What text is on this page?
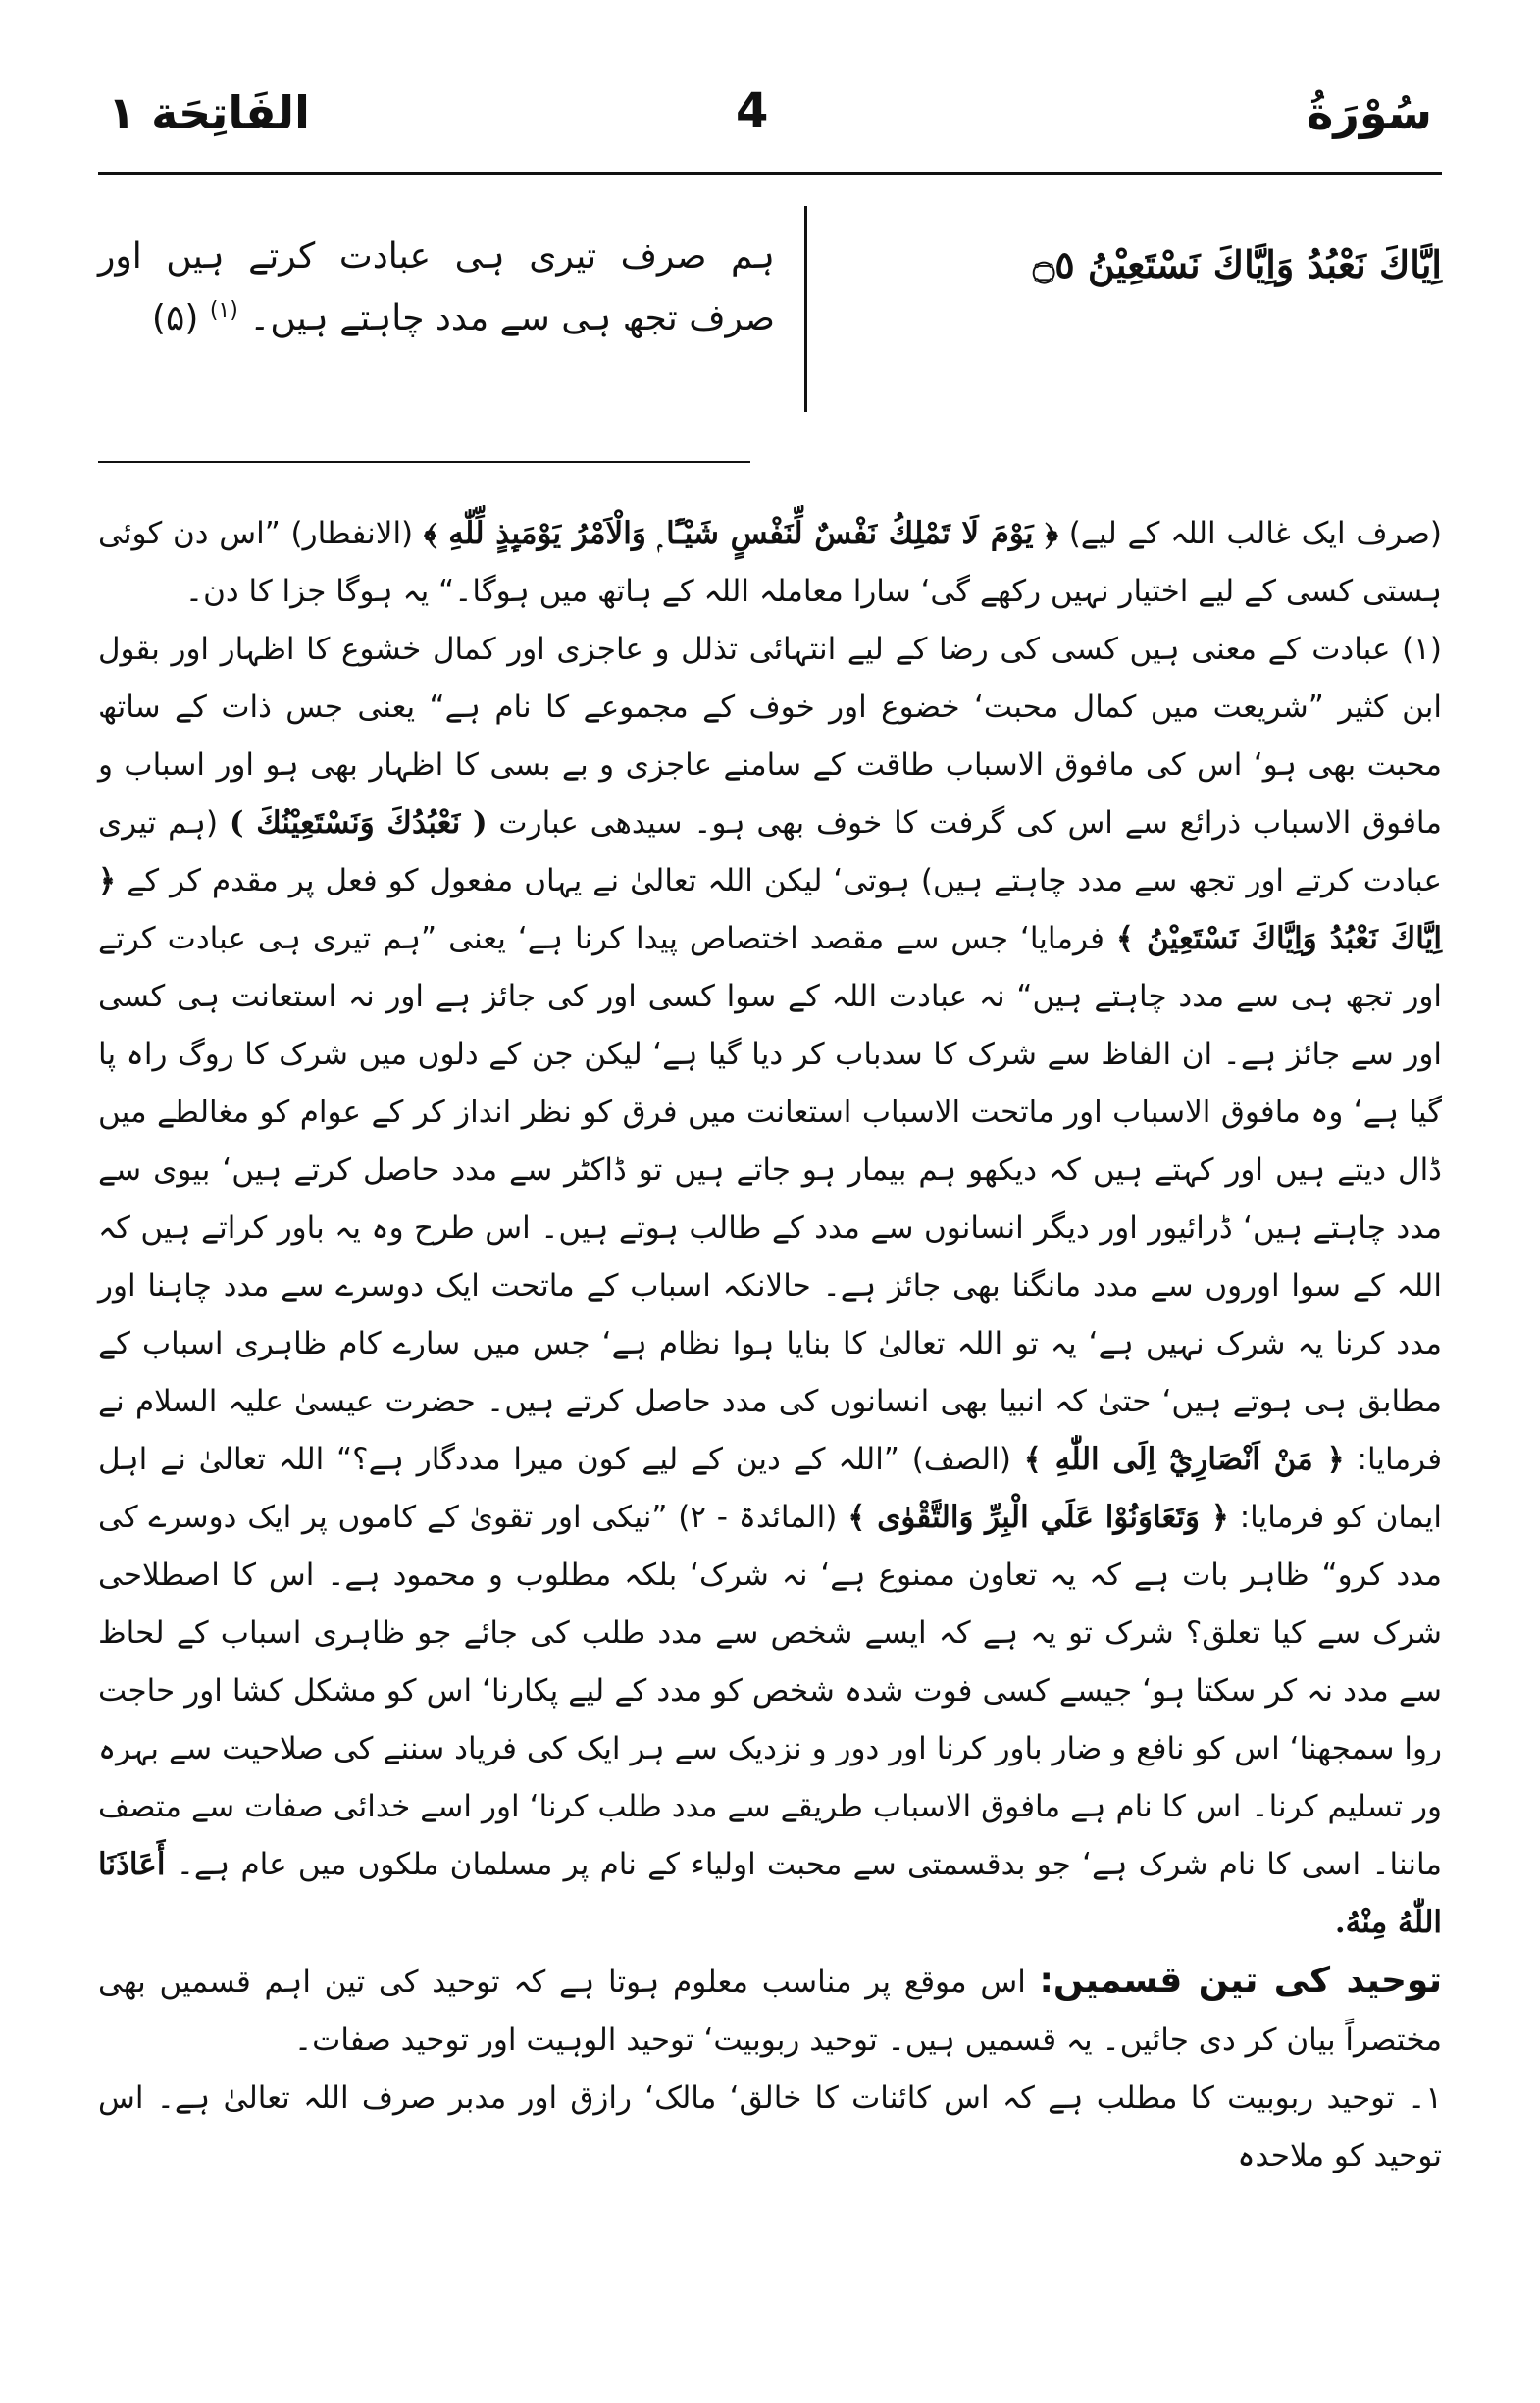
سُوْرَةُ
4
الفَاتِحَة ١
اِيَّاكَ نَعْبُدُ وَاِيَّاكَ نَسْتَعِيْنُ ۝٥
ہم صرف تیری ہی عبادت کرتے ہیں اور صرف تجھ ہی سے مدد چاہتے ہیں۔ $^{(١)}$ (۵)

(صرف ایک غالب اللہ کے لیے) ﴿ يَوْمَ لَا تَمْلِكُ نَفْسٌ لِّنَفْسٍ شَيْـًٔا ۭ وَالْاَمْرُ يَوْمَىِٕذٍ لِّلّٰهِ ﴾ (الانفطار) ”اس دن کوئی ہستی کسی کے لیے اختیار نہیں رکھے گی‘ سارا معاملہ اللہ کے ہاتھ میں ہوگا۔“ یہ ہوگا جزا کا دن۔

(١) عبادت کے معنی ہیں کسی کی رضا کے لیے انتہائی تذلل و عاجزی اور کمال خشوع کا اظہار اور بقول ابن کثیر ”شریعت میں کمال محبت‘ خضوع اور خوف کے مجموعے کا نام ہے“ یعنی جس ذات کے ساتھ محبت بھی ہو‘ اس کی مافوق الاسباب طاقت کے سامنے عاجزی و بے بسی کا اظہار بھی ہو اور اسباب و مافوق الاسباب ذرائع سے اس کی گرفت کا خوف بھی ہو۔ سیدھی عبارت ( نَعْبُدُكَ وَنَسْتَعِيْنُكَ ) (ہم تیری عبادت کرتے اور تجھ سے مدد چاہتے ہیں) ہوتی‘ لیکن اللہ تعالیٰ نے یہاں مفعول کو فعل پر مقدم کر کے ﴿ اِيَّاكَ نَعْبُدُ وَاِيَّاكَ نَسْتَعِيْنُ ﴾ فرمایا‘ جس سے مقصد اختصاص پیدا کرنا ہے‘ یعنی ”ہم تیری ہی عبادت کرتے اور تجھ ہی سے مدد چاہتے ہیں“ نہ عبادت اللہ کے سوا کسی اور کی جائز ہے اور نہ استعانت ہی کسی اور سے جائز ہے۔ ان الفاظ سے شرک کا سدباب کر دیا گیا ہے‘ لیکن جن کے دلوں میں شرک کا روگ راہ پا گیا ہے‘ وہ مافوق الاسباب اور ماتحت الاسباب استعانت میں فرق کو نظر انداز کر کے عوام کو مغالطے میں ڈال دیتے ہیں اور کہتے ہیں کہ دیکھو ہم بیمار ہو جاتے ہیں تو ڈاکٹر سے مدد حاصل کرتے ہیں‘ بیوی سے مدد چاہتے ہیں‘ ڈرائیور اور دیگر انسانوں سے مدد کے طالب ہوتے ہیں۔ اس طرح وہ یہ باور کراتے ہیں کہ اللہ کے سوا اوروں سے مدد مانگنا بھی جائز ہے۔ حالانکہ اسباب کے ماتحت ایک دوسرے سے مدد چاہنا اور مدد کرنا یہ شرک نہیں ہے‘ یہ تو اللہ تعالیٰ کا بنایا ہوا نظام ہے‘ جس میں سارے کام ظاہری اسباب کے مطابق ہی ہوتے ہیں‘ حتیٰ کہ انبیا بھی انسانوں کی مدد حاصل کرتے ہیں۔ حضرت عیسیٰ علیہ السلام نے فرمایا: ﴿ مَنْ اَنْصَارِيْٓ اِلَى اللّٰهِ ﴾ (الصف) ”اللہ کے دین کے لیے کون میرا مددگار ہے؟“ اللہ تعالیٰ نے اہل ایمان کو فرمایا: ﴿ وَتَعَاوَنُوْا عَلَي الْبِرِّ وَالتَّقْوٰى ﴾ (المائدۃ - ٢) ”نیکی اور تقویٰ کے کاموں پر ایک دوسرے کی مدد کرو“ ظاہر بات ہے کہ یہ تعاون ممنوع ہے‘ نہ شرک‘ بلکہ مطلوب و محمود ہے۔ اس کا اصطلاحی شرک سے کیا تعلق؟ شرک تو یہ ہے کہ ایسے شخص سے مدد طلب کی جائے جو ظاہری اسباب کے لحاظ سے مدد نہ کر سکتا ہو‘ جیسے کسی فوت شدہ شخص کو مدد کے لیے پکارنا‘ اس کو مشکل کشا اور حاجت روا سمجھنا‘ اس کو نافع و ضار باور کرنا اور دور و نزدیک سے ہر ایک کی فریاد سننے کی صلاحیت سے بہرہ ور تسلیم کرنا۔ اس کا نام ہے مافوق الاسباب طریقے سے مدد طلب کرنا‘ اور اسے خدائی صفات سے متصف ماننا۔ اسی کا نام شرک ہے‘ جو بدقسمتی سے محبت اولیاء کے نام پر مسلمان ملکوں میں عام ہے۔ أَعَاذَنَا اللّٰهُ مِنْهُ.

توحید کی تین قسمیں: اس موقع پر مناسب معلوم ہوتا ہے کہ توحید کی تین اہم قسمیں بھی مختصراً بیان کر دی جائیں۔ یہ قسمیں ہیں۔ توحید ربوبیت‘ توحید الوہیت اور توحید صفات۔

١۔ توحید ربوبیت کا مطلب ہے کہ اس کائنات کا خالق‘ مالک‘ رازق اور مدبر صرف اللہ تعالیٰ ہے۔ اس توحید کو ملاحدہ
